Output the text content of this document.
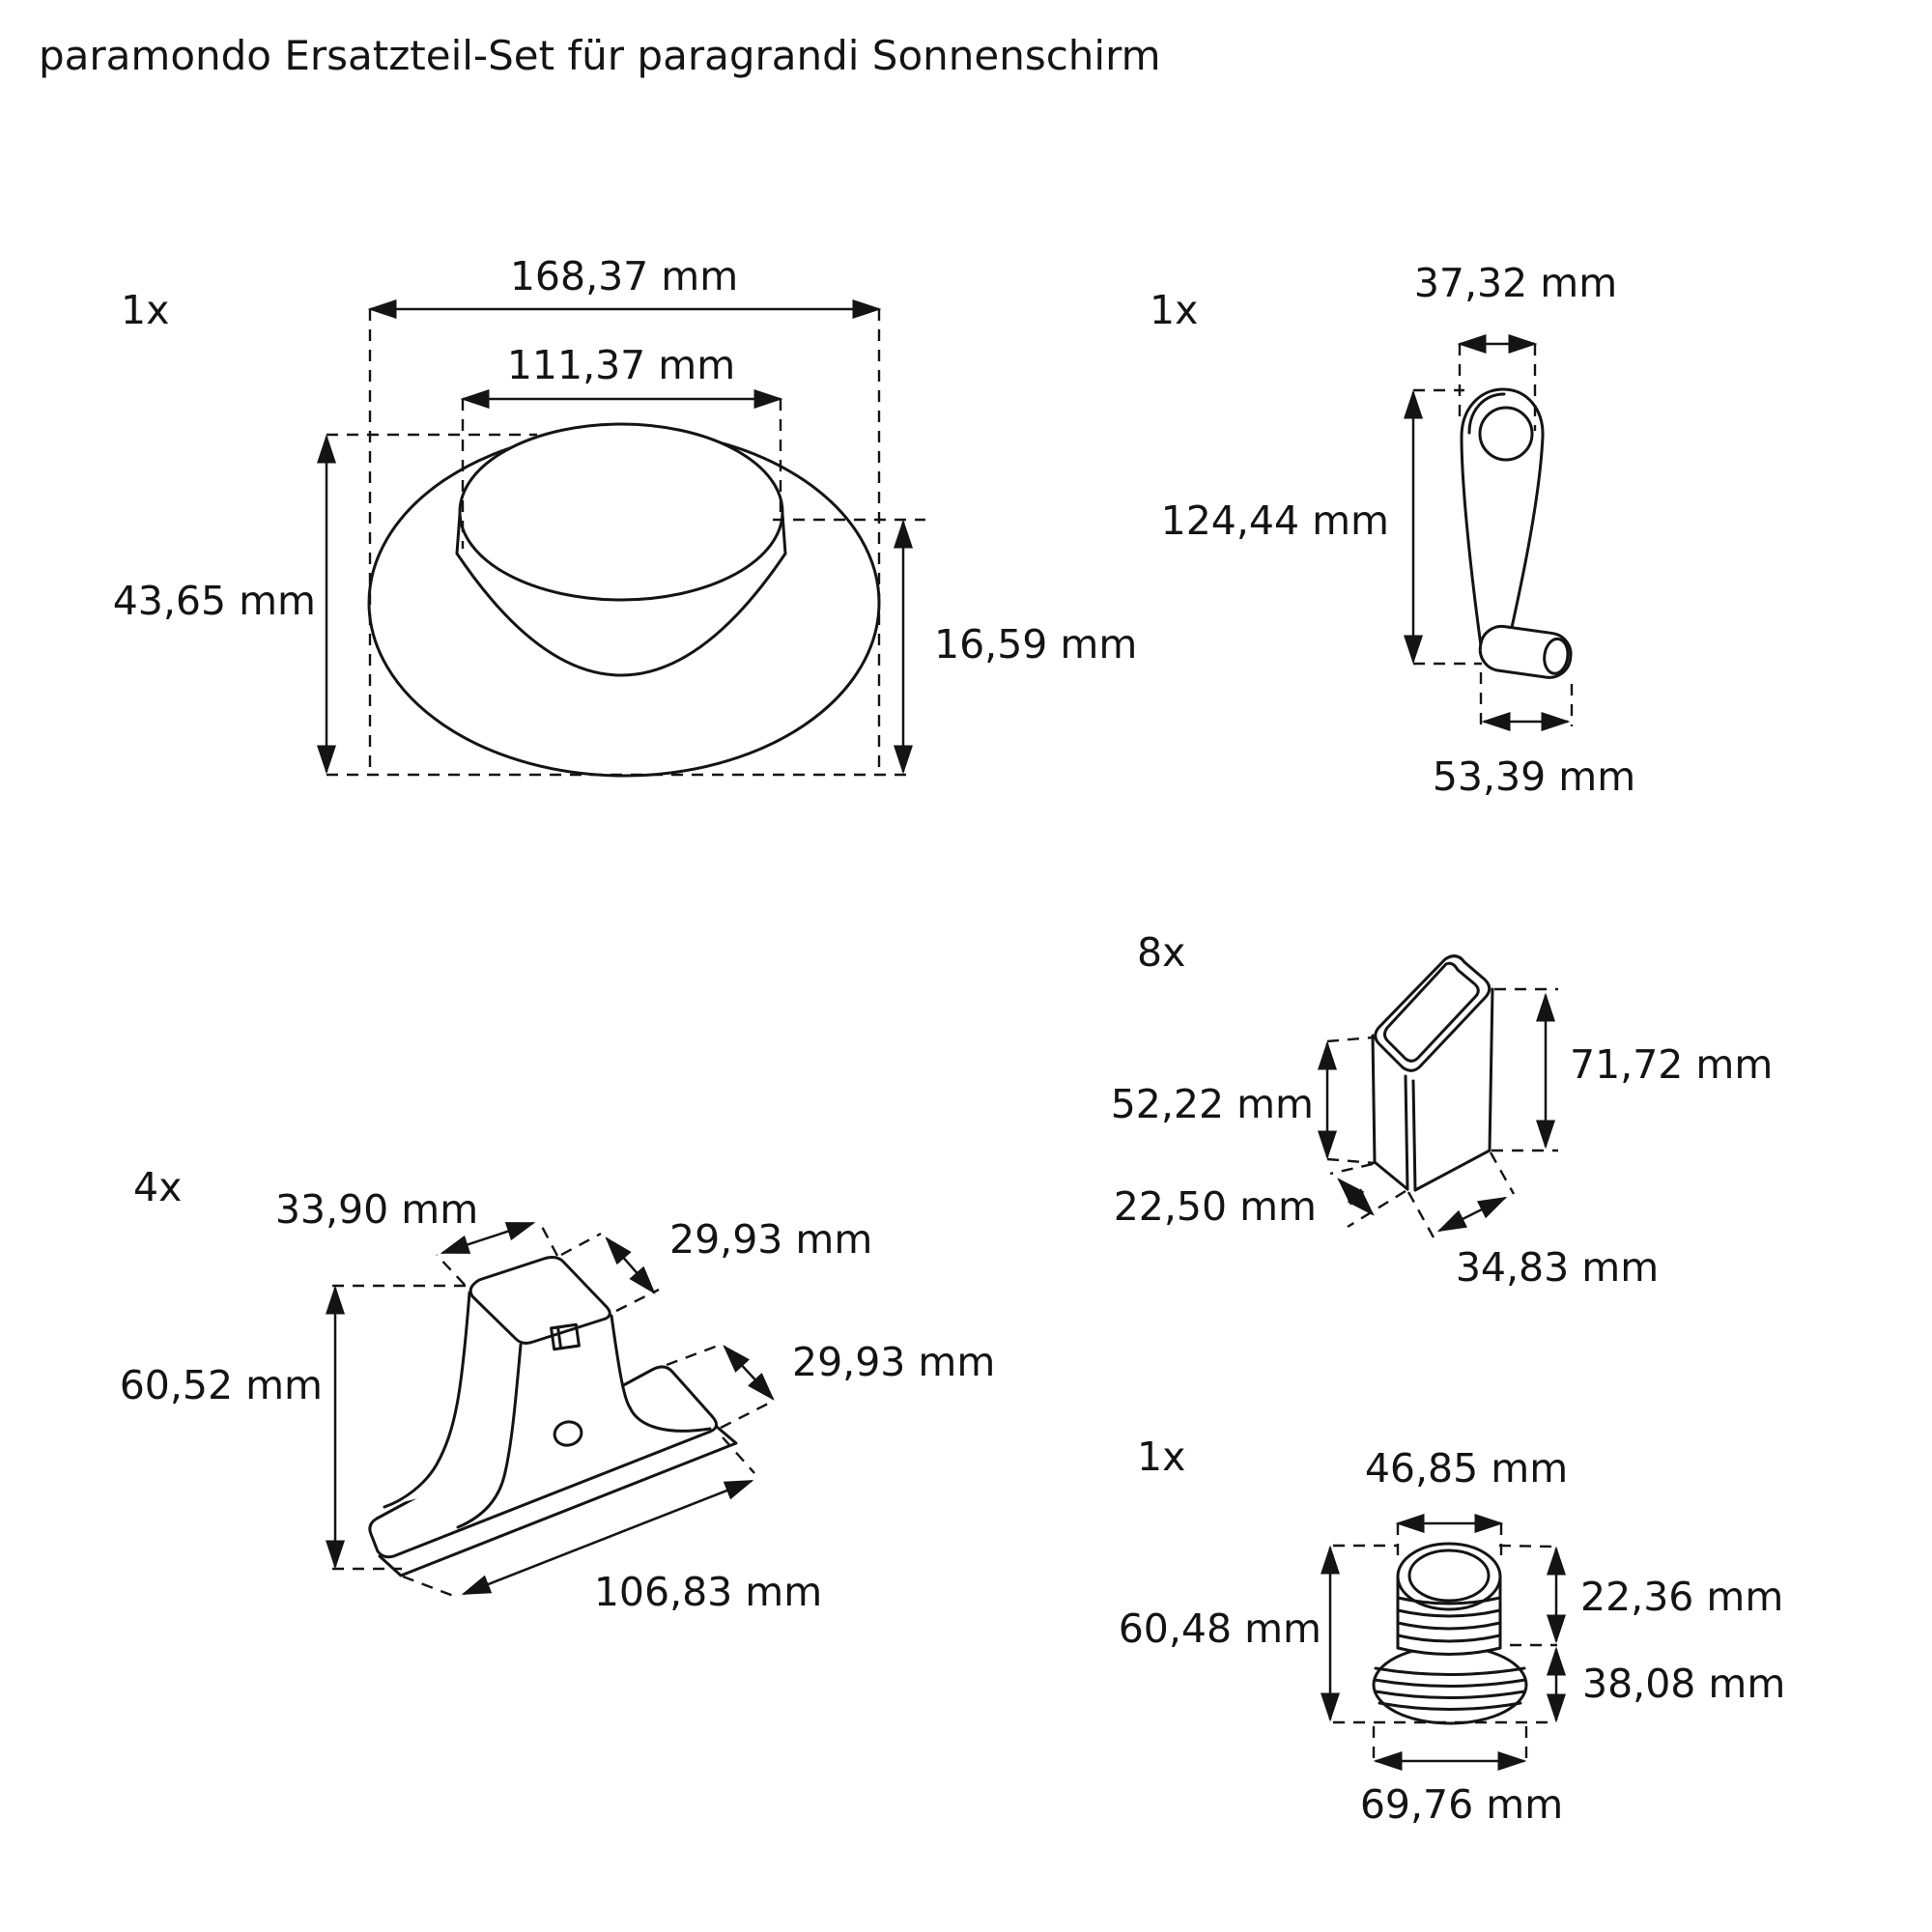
paramondo Ersatzteil-Set für paragrandi Sonnenschirm
1x
168,37 mm
111,37 mm
43,65 mm
16,59 mm
1x
37,32 mm
124,44 mm
53,39 mm
8x
52,22 mm
71,72 mm
22,50 mm
34,83 mm
4x 33,90 mm
29,93 mm
60,52 mm	29,93 mm
106,83 mm
1x	46,85 mm
60,48 mm
22,36 mm
38,08 mm
69,76 mm
